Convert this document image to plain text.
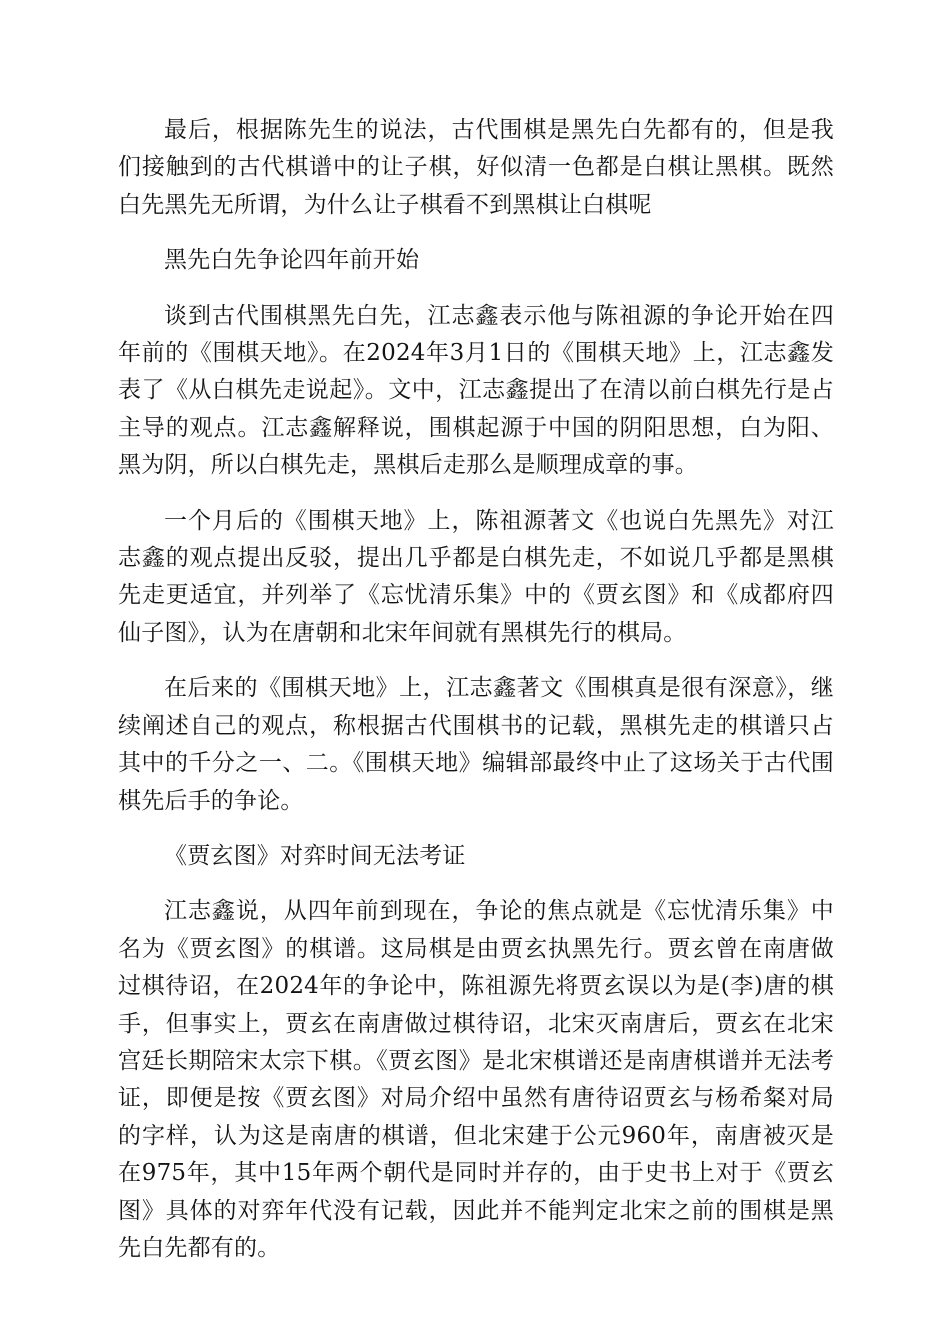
最后，根据陈先生的说法，古代围棋是黑先白先都有的，但是我们接触到的古代棋谱中的让子棋，好似清一色都是白棋让黑棋。既然白先黑先无所谓，为什么让子棋看不到黑棋让白棋呢

黑先白先争论四年前开始

谈到古代围棋黑先白先，江志鑫表示他与陈祖源的争论开始在四年前的《围棋天地》。在2024年3月1日的《围棋天地》上，江志鑫发表了《从白棋先走说起》。文中，江志鑫提出了在清以前白棋先行是占主导的观点。江志鑫解释说，围棋起源于中国的阴阳思想，白为阳、黑为阴，所以白棋先走，黑棋后走那么是顺理成章的事。

一个月后的《围棋天地》上，陈祖源著文《也说白先黑先》对江志鑫的观点提出反驳，提出几乎都是白棋先走，不如说几乎都是黑棋先走更适宜，并列举了《忘忧清乐集》中的《贾玄图》和《成都府四仙子图》，认为在唐朝和北宋年间就有黑棋先行的棋局。

在后来的《围棋天地》上，江志鑫著文《围棋真是很有深意》，继续阐述自己的观点，称根据古代围棋书的记载，黑棋先走的棋谱只占其中的千分之一、二。《围棋天地》编辑部最终中止了这场关于古代围棋先后手的争论。

《贾玄图》对弈时间无法考证

江志鑫说，从四年前到现在，争论的焦点就是《忘忧清乐集》中名为《贾玄图》的棋谱。这局棋是由贾玄执黑先行。贾玄曾在南唐做过棋待诏，在2024年的争论中，陈祖源先将贾玄误以为是(李)唐的棋手，但事实上，贾玄在南唐做过棋待诏，北宋灭南唐后，贾玄在北宋宫廷长期陪宋太宗下棋。《贾玄图》是北宋棋谱还是南唐棋谱并无法考证，即便是按《贾玄图》对局介绍中虽然有唐待诏贾玄与杨希粲对局的字样，认为这是南唐的棋谱，但北宋建于公元960年，南唐被灭是在975年，其中15年两个朝代是同时并存的，由于史书上对于《贾玄图》具体的对弈年代没有记载，因此并不能判定北宋之前的围棋是黑先白先都有的。
